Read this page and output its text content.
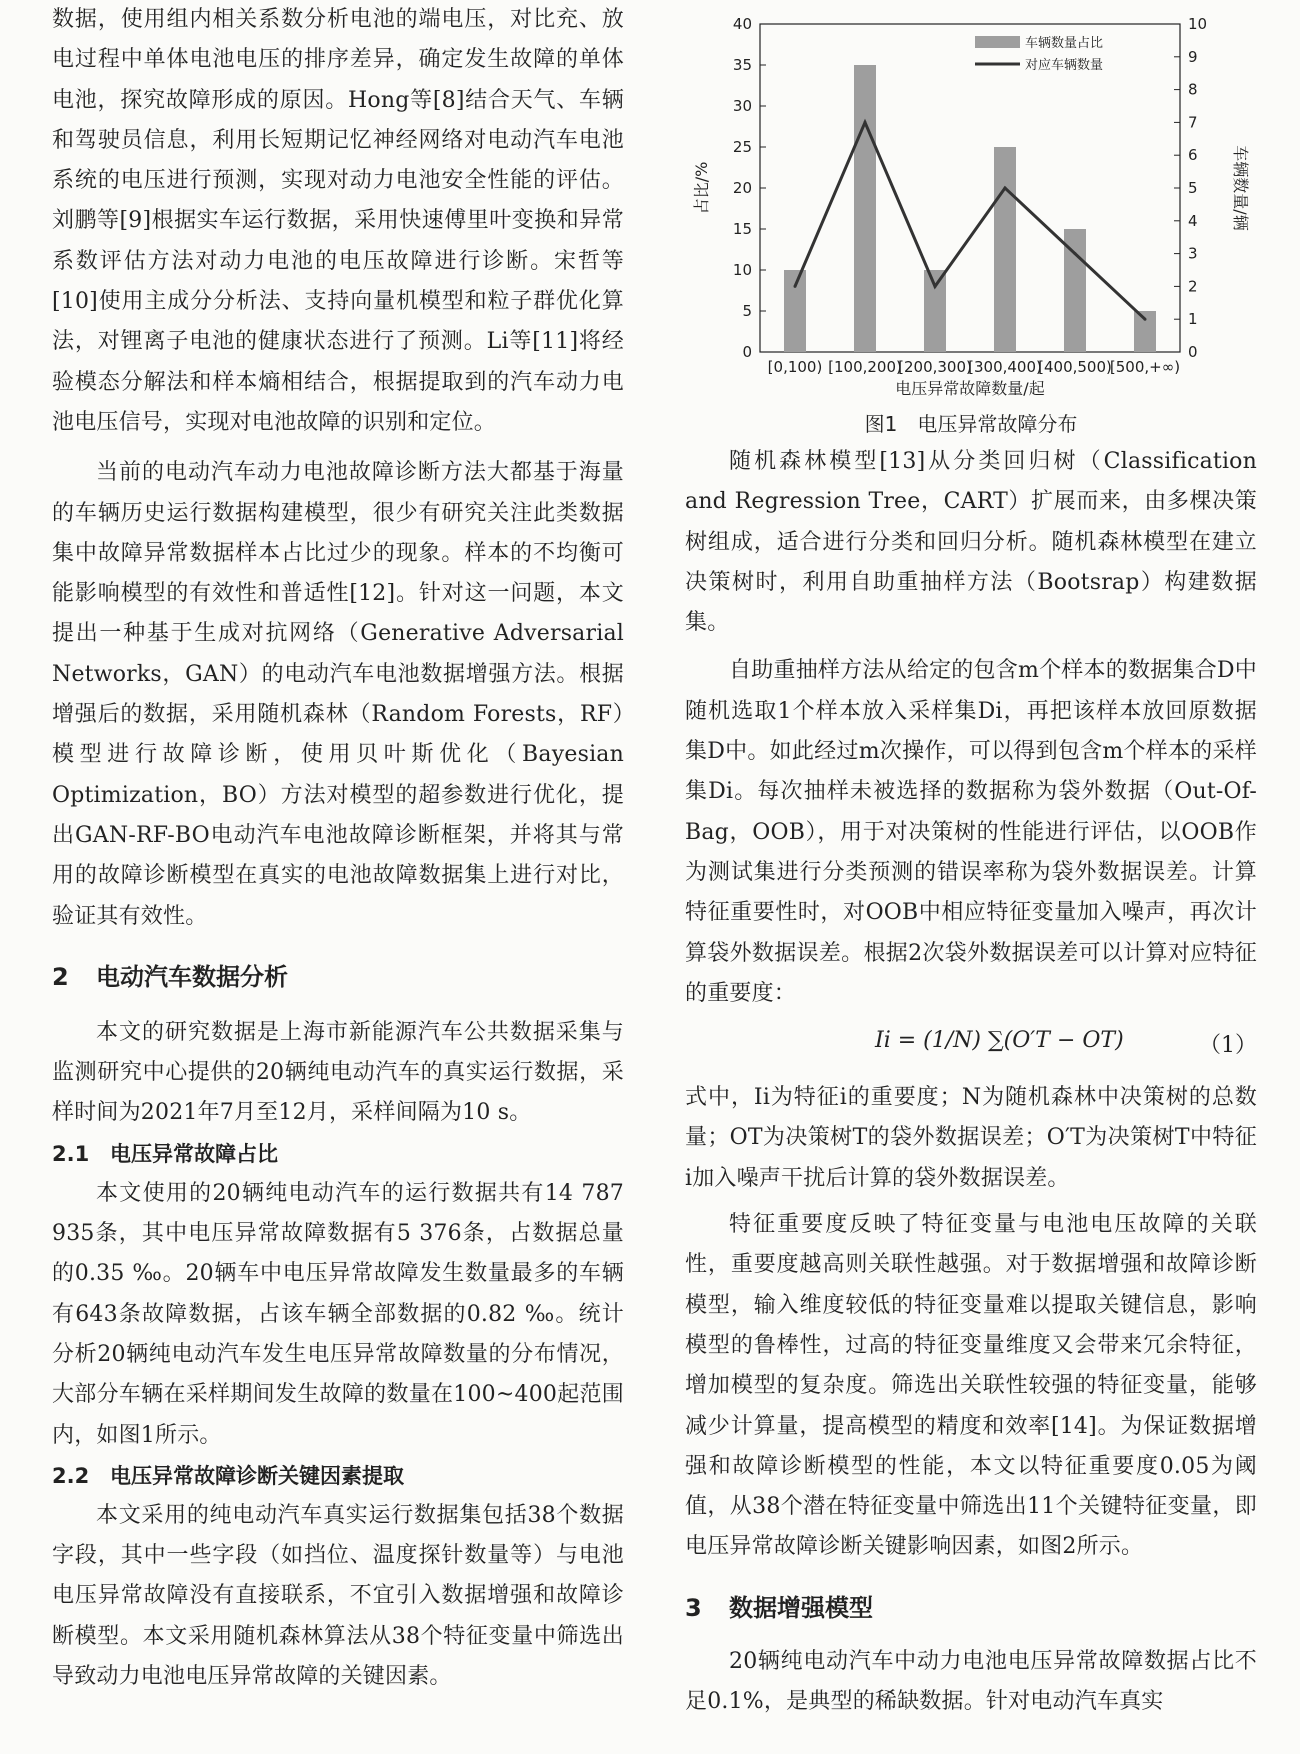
数据，使用组内相关系数分析电池的端电压，对比充、放电过程中单体电池电压的排序差异，确定发生故障的单体电池，探究故障形成的原因。Hong等[8]结合天气、车辆和驾驶员信息，利用长短期记忆神经网络对电动汽车电池系统的电压进行预测，实现对动力电池安全性能的评估。刘鹏等[9]根据实车运行数据，采用快速傅里叶变换和异常系数评估方法对动力电池的电压故障进行诊断。宋哲等[10]使用主成分分析法、支持向量机模型和粒子群优化算法，对锂离子电池的健康状态进行了预测。Li等[11]将经验模态分解法和样本熵相结合，根据提取到的汽车动力电池电压信号，实现对电池故障的识别和定位。

当前的电动汽车动力电池故障诊断方法大都基于海量的车辆历史运行数据构建模型，很少有研究关注此类数据集中故障异常数据样本占比过少的现象。样本的不均衡可能影响模型的有效性和普适性[12]。针对这一问题，本文提出一种基于生成对抗网络（Generative Adversarial Networks，GAN）的电动汽车电池数据增强方法。根据增强后的数据，采用随机森林（Random Forests，RF）模型进行故障诊断，使用贝叶斯优化（Bayesian Optimization，BO）方法对模型的超参数进行优化，提出GAN-RF-BO电动汽车电池故障诊断框架，并将其与常用的故障诊断模型在真实的电池故障数据集上进行对比，验证其有效性。

2 电动汽车数据分析

本文的研究数据是上海市新能源汽车公共数据采集与监测研究中心提供的20辆纯电动汽车的真实运行数据，采样时间为2021年7月至12月，采样间隔为10 s。

2.1 电压异常故障占比

本文使用的20辆纯电动汽车的运行数据共有14 787 935条，其中电压异常故障数据有5 376条，占数据总量的0.35 ‰。20辆车中电压异常故障发生数量最多的车辆有643条故障数据，占该车辆全部数据的0.82 ‰。统计分析20辆纯电动汽车发生电压异常故障数量的分布情况，大部分车辆在采样期间发生故障的数量在100~400起范围内，如图1所示。

2.2 电压异常故障诊断关键因素提取

本文采用的纯电动汽车真实运行数据集包括38个数据字段，其中一些字段（如挡位、温度探针数量等）与电池电压异常故障没有直接联系，不宜引入数据增强和故障诊断模型。本文采用随机森林算法从38个特征变量中筛选出导致动力电池电压异常故障的关键因素。

0
5
10
15
20
25
30
35
40
0
1
2
3
4
5
6
7
8
9
10
[0,100) [100,200)
[200,300)
[300,400)
[400,500)
[500,+∞)
电压异常故障数量/起
占比/%	车辆数量/辆
车辆数量占比
对应车辆数量

图1　电压异常故障分布

随机森林模型[13]从分类回归树（Classification and Regression Tree，CART）扩展而来，由多棵决策树组成，适合进行分类和回归分析。随机森林模型在建立决策树时，利用自助重抽样方法（Bootsrap）构建数据集。

自助重抽样方法从给定的包含m个样本的数据集合D中随机选取1个样本放入采样集Di，再把该样本放回原数据集D中。如此经过m次操作，可以得到包含m个样本的采样集Di。每次抽样未被选择的数据称为袋外数据（Out-Of-Bag，OOB），用于对决策树的性能进行评估，以OOB作为测试集进行分类预测的错误率称为袋外数据误差。计算特征重要性时，对OOB中相应特征变量加入噪声，再次计算袋外数据误差。根据2次袋外数据误差可以计算对应特征的重要度：

Ii = (1/N) ∑(O′T − OT)	（1）

式中，Ii为特征i的重要度；N为随机森林中决策树的总数量；OT为决策树T的袋外数据误差；O′T为决策树T中特征i加入噪声干扰后计算的袋外数据误差。

特征重要度反映了特征变量与电池电压故障的关联性，重要度越高则关联性越强。对于数据增强和故障诊断模型，输入维度较低的特征变量难以提取关键信息，影响模型的鲁棒性，过高的特征变量维度又会带来冗余特征，增加模型的复杂度。筛选出关联性较强的特征变量，能够减少计算量，提高模型的精度和效率[14]。为保证数据增强和故障诊断模型的性能，本文以特征重要度0.05为阈值，从38个潜在特征变量中筛选出11个关键特征变量，即电压异常故障诊断关键影响因素，如图2所示。

3 数据增强模型

20辆纯电动汽车中动力电池电压异常故障数据占比不足0.1%，是典型的稀缺数据。针对电动汽车真实
